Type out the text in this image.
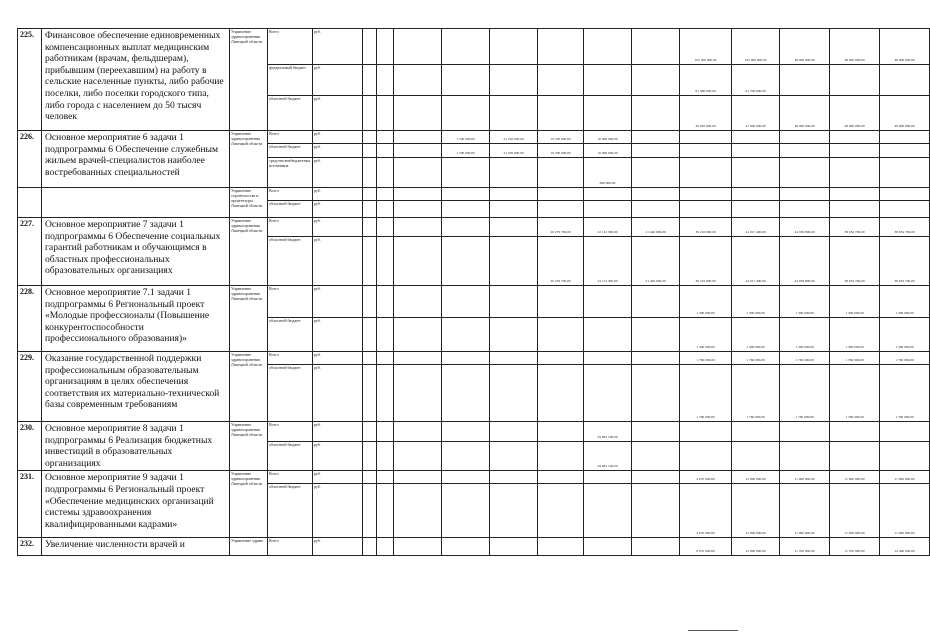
225.	Финансовое обеспечение единовременных компенсационных выплат медицинским работникам (врачам, фельдшерам), прибывшим (переехавшим) на работу в сельские населенные пункты, либо рабочие поселки, либо поселки городского типа, либо города с населением до 50 тысяч человек	Управление здравоохранения Липецкой области	Всего	руб.									102 300 000,00	103 000 000,00	48 000 000,00	48 000 000,00	48 000 000,00		
			федеральный бюджет	руб.									61 380 000,00	61 700 000,00					
			областной бюджет	руб.									40 920 000,00	41 300 000,00	48 000 000,00	48 000 000,00	48 000 000,00		
226.	Основное мероприятие 6 задачи 1 подпрограммы 6 Обеспечение служебным жильем врачей-специалистов наиболее востребованных специальностей	Управление здравоохранения Липецкой области	Всего	руб.				1 700 000,00	21 250 000,00	19 700 000,00	10 000 000,00								
			областной бюджет	руб.				1 700 000,00	21 250 000,00	19 700 000,00	10 000 000,00								
			средства внебюджетных источников	руб.							690 000,00								
		Управление строительства и архитектуры Липецкой области	Всего	руб.															
			областной бюджет	руб.															
227.	Основное мероприятие 7 задачи 1 подпрограммы 6 Обеспечение социальных гарантий работникам и обучающимся в областных профессиональных образовательных организациях	Управление здравоохранения Липецкой области	Всего	руб.						20 279 700,00	22 112 300,00	21 440 000,00	30 216 000,00	24 917 400,00	24 039 800,00	38 034 700,00	38 034 700,00		
			областной бюджет	руб.						20 279 700,00	22 112 300,00	21 440 000,00	30 216 000,00	24 917 400,00	24 039 800,00	38 034 700,00	38 034 700,00		
228.	Основное мероприятие 7.1 задачи 1 подпрограммы 6 Региональный проект «Молодые профессионалы (Повышение конкурентоспособности профессионального образования)»	Управление здравоохранения Липецкой области	Всего	руб.									1 300 000,00	1 300 000,00	1 300 000,00	1 300 000,00	1 300 000,00		
			областной бюджет	руб.									1 300 000,00	1 300 000,00	1 300 000,00	1 300 000,00	1 300 000,00		
229.	Оказание государственной поддержки профессиональным образовательным организациям в целях обеспечения соответствия их материально-технической базы современным требованиям	Управление здравоохранения Липецкой области	Всего	руб.									1 760 000,00	1 760 000,00	1 760 000,00	1 760 000,00	1 760 000,00		
			областной бюджет	руб.									1 760 000,00	1 760 000,00	1 760 000,00	1 760 000,00	1 760 000,00		
230.	Основное мероприятие 8 задачи 1 подпрограммы 6 Реализация бюджетных инвестиций в образовательных организациях	Управление здравоохранения Липецкой области	Всего	руб.							29 881 100,00								
			областной бюджет	руб.							29 881 100,00								
231.	Основное мероприятие 9 задачи 1 подпрограммы 6 Региональный проект «Обеспечение медицинских организаций системы здравоохранения квалифицированными кадрами»	Управление здравоохранения Липецкой области	Всего	руб.									4 070 000,00	12 090 000,00	11 990 000,00	11 990 000,00	11 990 000,00		
			областной бюджет	руб.									4 070 000,00	12 090 000,00	11 990 000,00	11 990 000,00	11 990 000,00		
232.	Увеличение численности врачей и	Управление здраво	Всего	руб.									8 070 000,00	12 090 000,00	11 700 000,00	11 700 000,00	12 400 000,00		
